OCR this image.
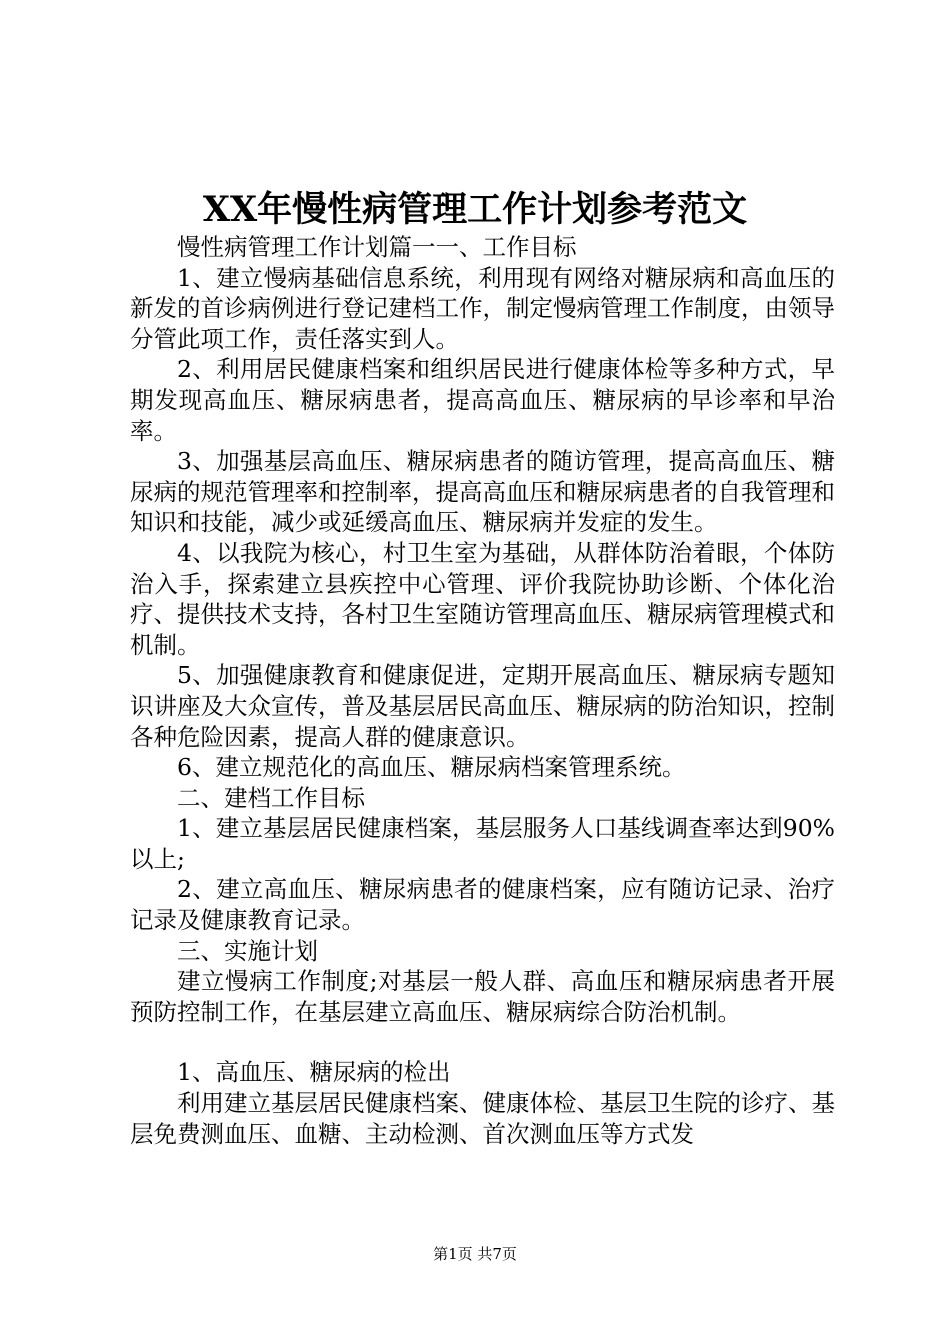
XX年慢性病管理工作计划参考范文

慢性病管理工作计划篇一一、工作目标

1、建立慢病基础信息系统，利用现有网络对糖尿病和高血压的新发的首诊病例进行登记建档工作，制定慢病管理工作制度，由领导分管此项工作，责任落实到人。

2、利用居民健康档案和组织居民进行健康体检等多种方式，早期发现高血压、糖尿病患者，提高高血压、糖尿病的早诊率和早治率。

3、加强基层高血压、糖尿病患者的随访管理，提高高血压、糖尿病的规范管理率和控制率，提高高血压和糖尿病患者的自我管理和知识和技能，减少或延缓高血压、糖尿病并发症的发生。

4、以我院为核心，村卫生室为基础，从群体防治着眼，个体防治入手，探索建立县疾控中心管理、评价我院协助诊断、个体化治疗、提供技术支持，各村卫生室随访管理高血压、糖尿病管理模式和机制。

5、加强健康教育和健康促进，定期开展高血压、糖尿病专题知识讲座及大众宣传，普及基层居民高血压、糖尿病的防治知识，控制各种危险因素，提高人群的健康意识。

6、建立规范化的高血压、糖尿病档案管理系统。

二、建档工作目标

1、建立基层居民健康档案，基层服务人口基线调查率达到90%以上;

2、建立高血压、糖尿病患者的健康档案，应有随访记录、治疗记录及健康教育记录。

三、实施计划

建立慢病工作制度;对基层一般人群、高血压和糖尿病患者开展预防控制工作，在基层建立高血压、糖尿病综合防治机制。

1、高血压、糖尿病的检出

利用建立基层居民健康档案、健康体检、基层卫生院的诊疗、基层免费测血压、血糖、主动检测、首次测血压等方式发

第1页 共7页
